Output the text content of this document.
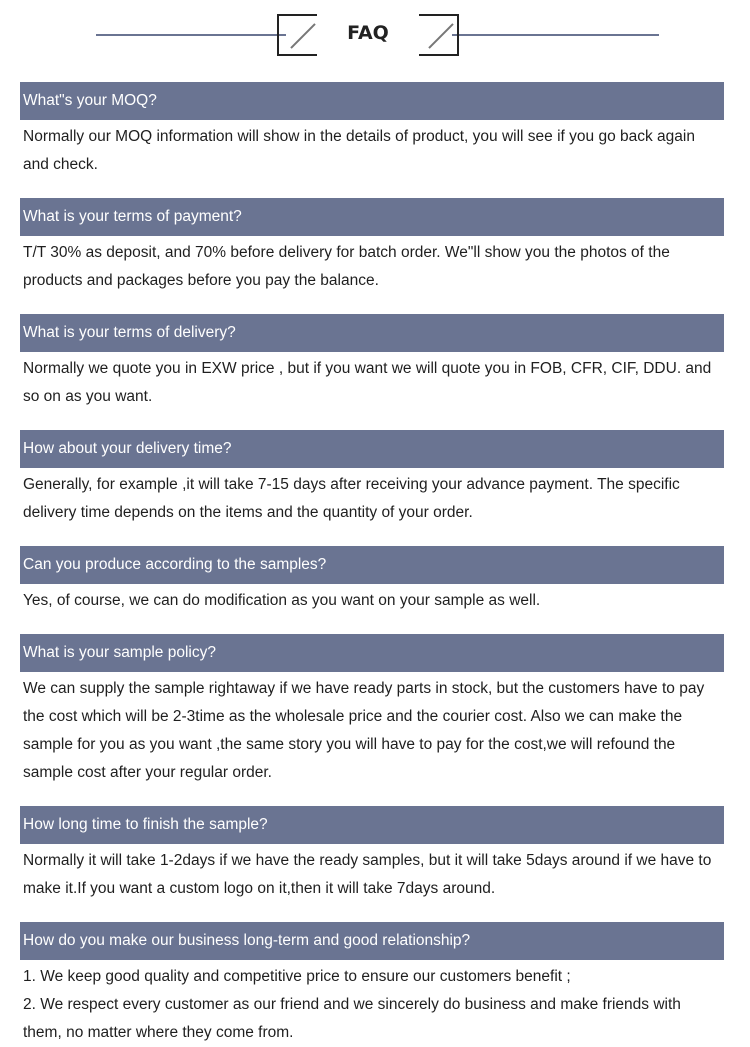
FAQ
What"s your MOQ?

Normally our MOQ information will show in the details of product, you will see if you go back again and check.

What is your terms of payment?

T/T 30% as deposit, and 70% before delivery for batch order. We"ll show you the photos of the products and packages before you pay the balance.

What is your terms of delivery?

Normally we quote you in EXW price , but if you want we will quote you in FOB, CFR, CIF, DDU. and so on as you want.

How about your delivery time?

Generally, for example ,it will take 7-15 days after receiving your advance payment. The specific delivery time depends on the items and the quantity of your order.

Can you produce according to the samples?

Yes, of course, we can do modification as you want on your sample as well.

What is your sample policy?

We can supply the sample rightaway if we have ready parts in stock, but the customers have to pay the cost which will be 2-3time as the wholesale price and the courier cost. Also we can make the sample for you as you want ,the same story you will have to pay for the cost,we will refound the sample cost after your regular order.

How long time to finish the sample?

Normally it will take 1-2days if we have the ready samples, but it will take 5days around if we have to make it.If you want a custom logo on it,then it will take 7days around.

How do you make our business long-term and good relationship?

1. We keep good quality and competitive price to ensure our customers benefit ;

2. We respect every customer as our friend and we sincerely do business and make friends with them, no matter where they come from.
